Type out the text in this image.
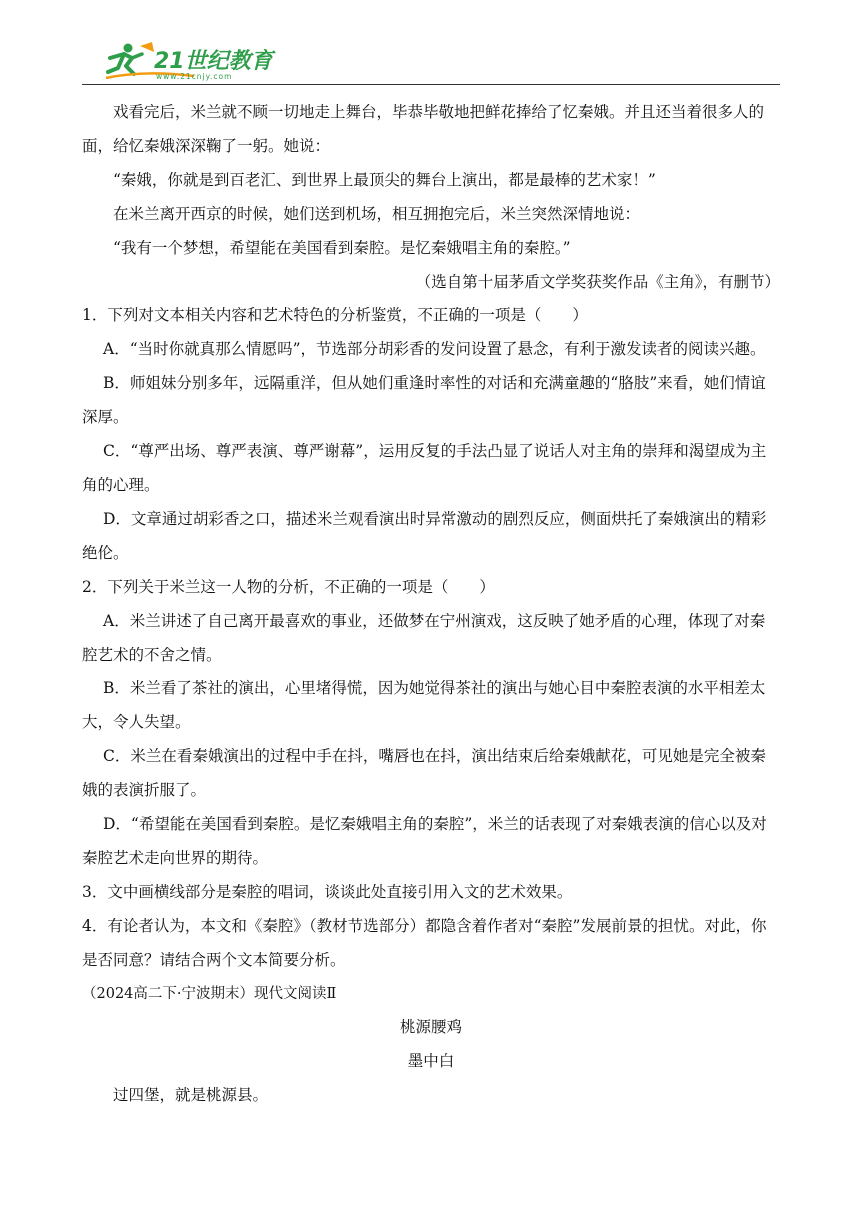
21世纪教育
www.21cnjy.com

戏看完后，米兰就不顾一切地走上舞台，毕恭毕敬地把鲜花捧给了忆秦娥。并且还当着很多人的面，给忆秦娥深深鞠了一躬。她说：

“秦娥，你就是到百老汇、到世界上最顶尖的舞台上演出，都是最棒的艺术家！”

在米兰离开西京的时候，她们送到机场，相互拥抱完后，米兰突然深情地说：

“我有一个梦想，希望能在美国看到秦腔。是忆秦娥唱主角的秦腔。”

（选自第十届茅盾文学奖获奖作品《主角》，有删节）

1．下列对文本相关内容和艺术特色的分析鉴赏，不正确的一项是（　　）

A．“当时你就真那么情愿吗”，节选部分胡彩香的发问设置了悬念，有利于激发读者的阅读兴趣。

B．师姐妹分别多年，远隔重洋，但从她们重逢时率性的对话和充满童趣的“胳肢”来看，她们情谊深厚。

C．“尊严出场、尊严表演、尊严谢幕”，运用反复的手法凸显了说话人对主角的崇拜和渴望成为主角的心理。

D．文章通过胡彩香之口，描述米兰观看演出时异常激动的剧烈反应，侧面烘托了秦娥演出的精彩绝伦。

2．下列关于米兰这一人物的分析，不正确的一项是（　　）

A．米兰讲述了自己离开最喜欢的事业，还做梦在宁州演戏，这反映了她矛盾的心理，体现了对秦腔艺术的不舍之情。

B．米兰看了茶社的演出，心里堵得慌，因为她觉得茶社的演出与她心目中秦腔表演的水平相差太大，令人失望。

C．米兰在看秦娥演出的过程中手在抖，嘴唇也在抖，演出结束后给秦娥献花，可见她是完全被秦娥的表演折服了。

D．“希望能在美国看到秦腔。是忆秦娥唱主角的秦腔”，米兰的话表现了对秦娥表演的信心以及对秦腔艺术走向世界的期待。

3．文中画横线部分是秦腔的唱词，谈谈此处直接引用入文的艺术效果。

4．有论者认为，本文和《秦腔》（教材节选部分）都隐含着作者对“秦腔”发展前景的担忧。对此，你是否同意？请结合两个文本简要分析。

（2024高二下·宁波期末）现代文阅读Ⅱ

桃源腰鸡

墨中白

过四堡，就是桃源县。
